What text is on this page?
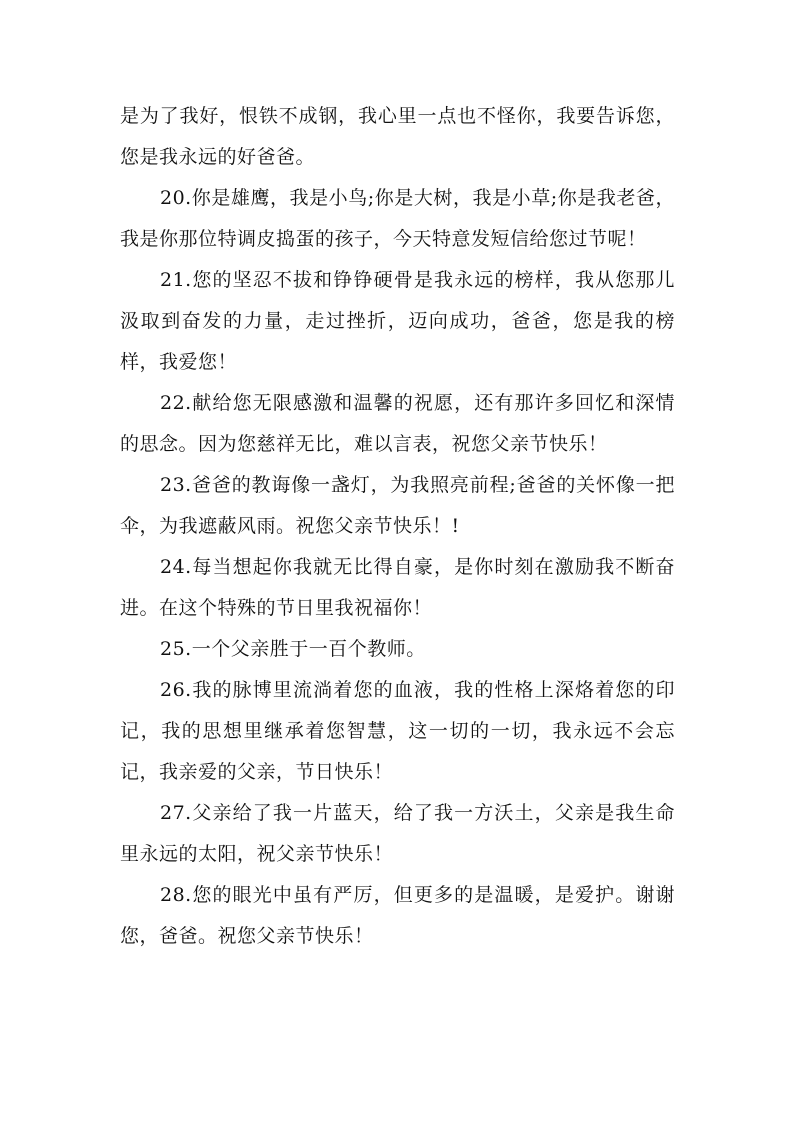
是为了我好，恨铁不成钢，我心里一点也不怪你，我要告诉您，您是我永远的好爸爸。

20.你是雄鹰，我是小鸟;你是大树，我是小草;你是我老爸，我是你那位特调皮捣蛋的孩子，今天特意发短信给您过节呢！

21.您的坚忍不拔和铮铮硬骨是我永远的榜样，我从您那儿汲取到奋发的力量，走过挫折，迈向成功，爸爸，您是我的榜样，我爱您！

22.献给您无限感激和温馨的祝愿，还有那许多回忆和深情的思念。因为您慈祥无比，难以言表，祝您父亲节快乐！

23.爸爸的教诲像一盏灯，为我照亮前程;爸爸的关怀像一把伞，为我遮蔽风雨。祝您父亲节快乐！!

24.每当想起你我就无比得自豪，是你时刻在激励我不断奋进。在这个特殊的节日里我祝福你！

25.一个父亲胜于一百个教师。

26.我的脉博里流淌着您的血液，我的性格上深烙着您的印记，我的思想里继承着您智慧，这一切的一切，我永远不会忘记，我亲爱的父亲，节日快乐！

27.父亲给了我一片蓝天，给了我一方沃土，父亲是我生命里永远的太阳，祝父亲节快乐！

28.您的眼光中虽有严厉，但更多的是温暖，是爱护。谢谢您，爸爸。祝您父亲节快乐！
